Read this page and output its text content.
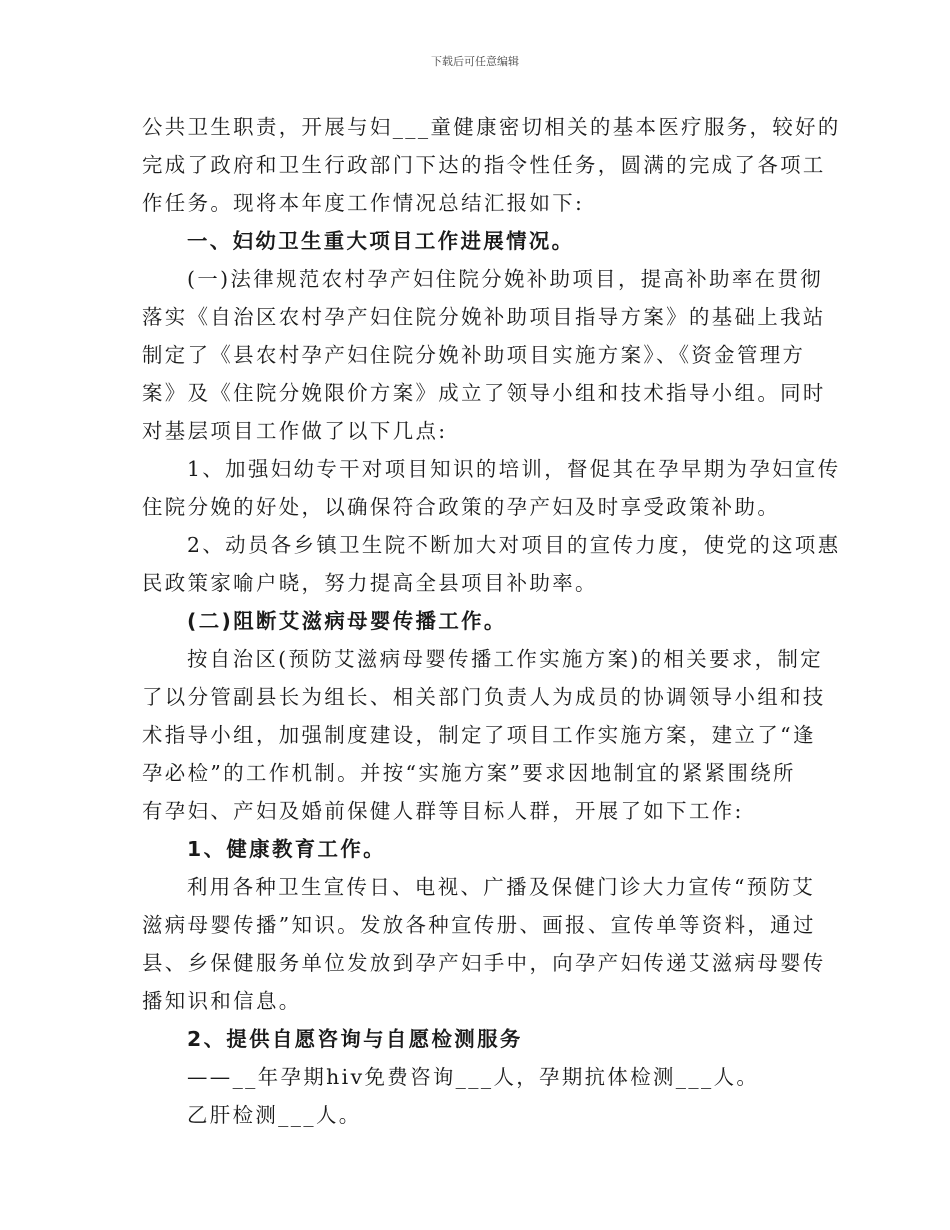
下载后可任意编辑
公共卫生职责，开展与妇___童健康密切相关的基本医疗服务，较好的
完成了政府和卫生行政部门下达的指令性任务，圆满的完成了各项工
作任务。现将本年度工作情况总结汇报如下:
一、妇幼卫生重大项目工作进展情况。
(一)法律规范农村孕产妇住院分娩补助项目，提高补助率在贯彻
落实《自治区农村孕产妇住院分娩补助项目指导方案》的基础上我站
制定了《县农村孕产妇住院分娩补助项目实施方案》、《资金管理方
案》及《住院分娩限价方案》成立了领导小组和技术指导小组。同时
对基层项目工作做了以下几点:
1、加强妇幼专干对项目知识的培训，督促其在孕早期为孕妇宣传
住院分娩的好处，以确保符合政策的孕产妇及时享受政策补助。
2、动员各乡镇卫生院不断加大对项目的宣传力度，使党的这项惠
民政策家喻户晓，努力提高全县项目补助率。
(二)阻断艾滋病母婴传播工作。
按自治区(预防艾滋病母婴传播工作实施方案)的相关要求，制定
了以分管副县长为组长、相关部门负责人为成员的协调领导小组和技
术指导小组，加强制度建设，制定了项目工作实施方案，建立了“逢
孕必检”的工作机制。并按“实施方案”要求因地制宜的紧紧围绕所
有孕妇、产妇及婚前保健人群等目标人群，开展了如下工作:
1、健康教育工作。
利用各种卫生宣传日、电视、广播及保健门诊大力宣传“预防艾
滋病母婴传播”知识。发放各种宣传册、画报、宣传单等资料，通过
县、乡保健服务单位发放到孕产妇手中，向孕产妇传递艾滋病母婴传
播知识和信息。
2、提供自愿咨询与自愿检测服务
——__年孕期hiv免费咨询___人，孕期抗体检测___人。
乙肝检测___人。
